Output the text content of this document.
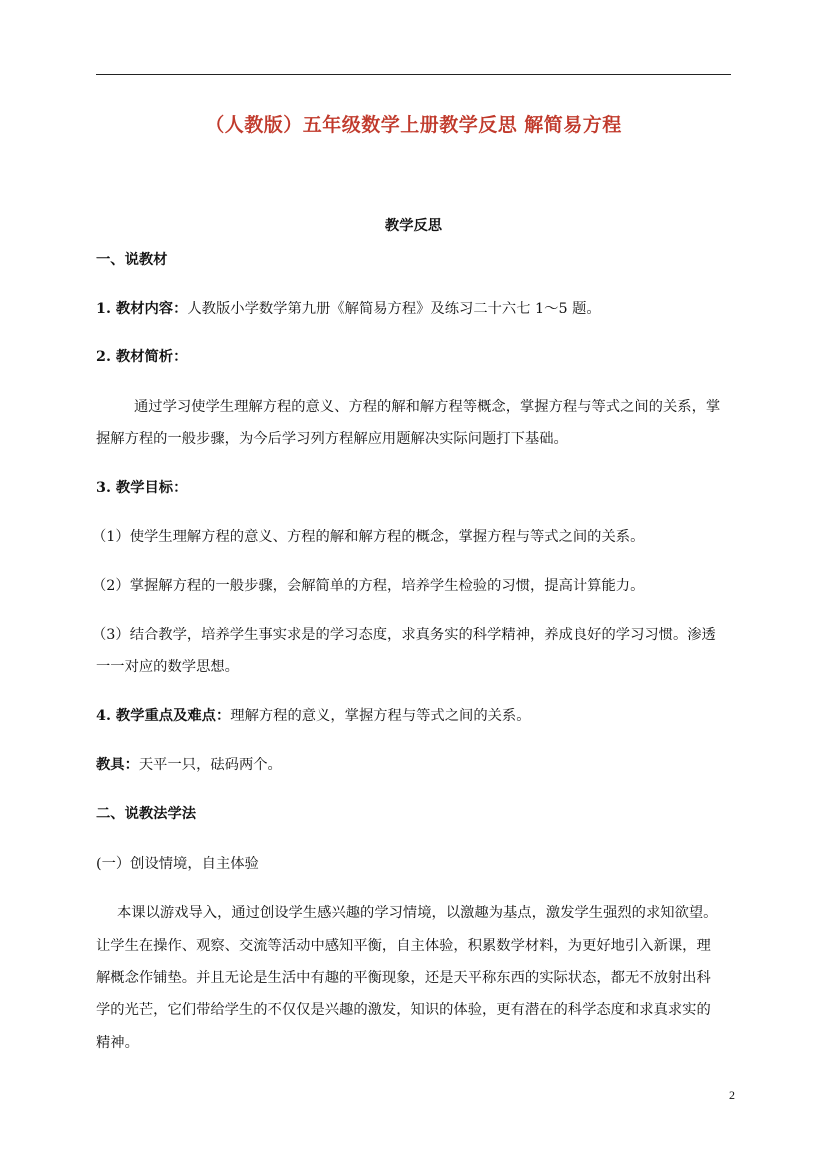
（人教版）五年级数学上册教学反思 解简易方程
教学反思
一、说教材
1. 教材内容：人教版小学数学第九册《解简易方程》及练习二十六七 1～5 题。
2. 教材简析：
通过学习使学生理解方程的意义、方程的解和解方程等概念，掌握方程与等式之间的关系，掌
握解方程的一般步骤，为今后学习列方程解应用题解决实际问题打下基础。
3. 教学目标：
（1）使学生理解方程的意义、方程的解和解方程的概念，掌握方程与等式之间的关系。
（2）掌握解方程的一般步骤，会解简单的方程，培养学生检验的习惯，提高计算能力。
（3）结合教学，培养学生事实求是的学习态度，求真务实的科学精神，养成良好的学习习惯。渗透
一一对应的数学思想。
4. 教学重点及难点：理解方程的意义，掌握方程与等式之间的关系。
教具：天平一只，砝码两个。
二、说教法学法
(一）创设情境，自主体验
本课以游戏导入，通过创设学生感兴趣的学习情境，以激趣为基点，激发学生强烈的求知欲望。
让学生在操作、观察、交流等活动中感知平衡，自主体验，积累数学材料，为更好地引入新课，理
解概念作铺垫。并且无论是生活中有趣的平衡现象，还是天平称东西的实际状态，都无不放射出科
学的光芒，它们带给学生的不仅仅是兴趣的激发，知识的体验，更有潜在的科学态度和求真求实的
精神。
2
